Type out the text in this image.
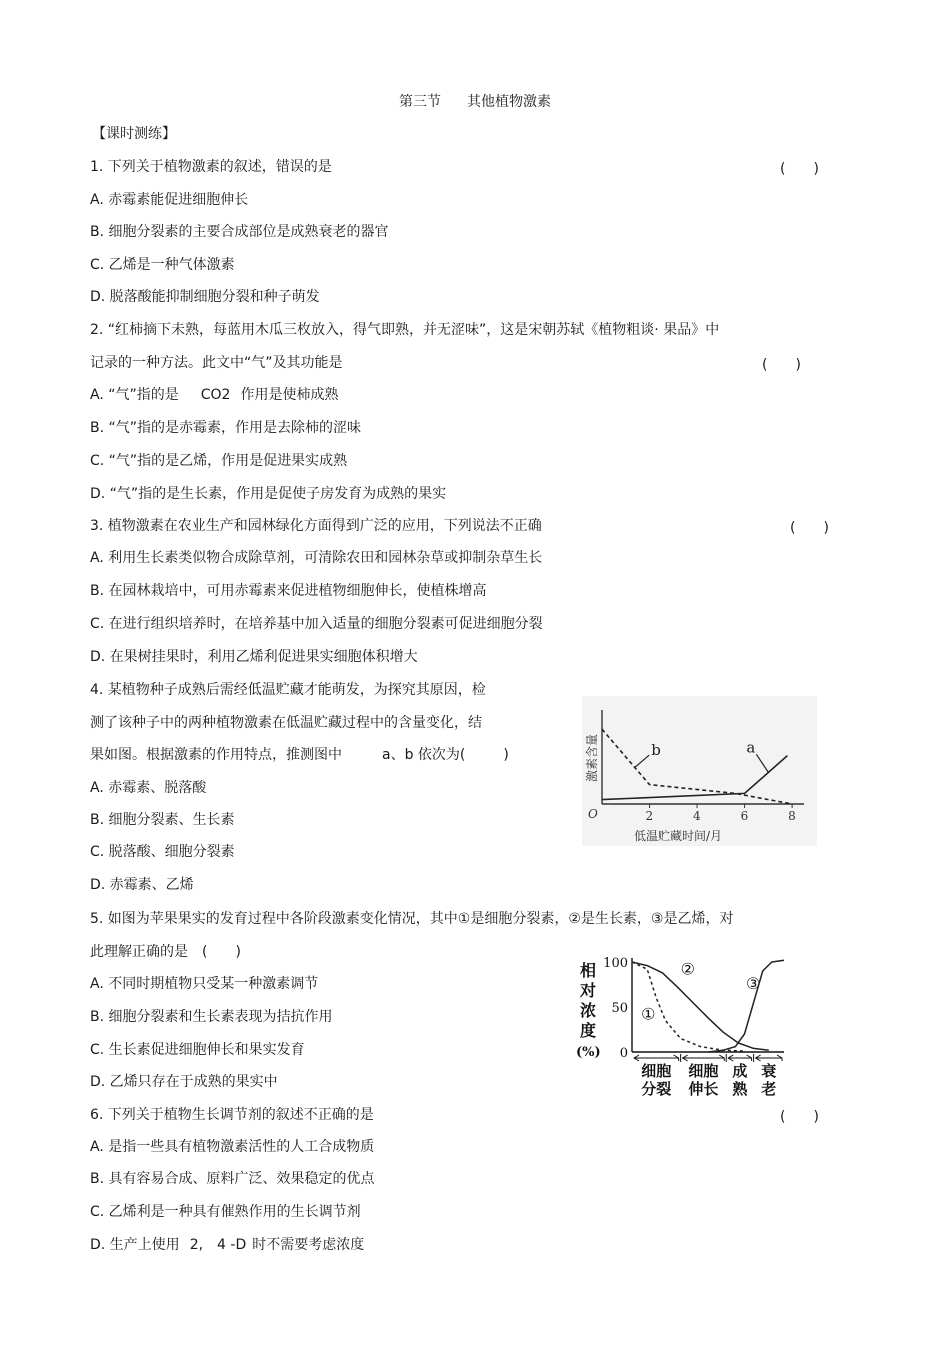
第三节 其他植物激素
【课时测练】
1. 下列关于植物激素的叙述，错误的是	(　　)
A. 赤霉素能促进细胞伸长
B. 细胞分裂素的主要合成部位是成熟衰老的器官
C. 乙烯是一种气体激素
D. 脱落酸能抑制细胞分裂和种子萌发
2. “红柿摘下未熟，每蓝用木瓜三枚放入，得气即熟，并无涩味”，这是宋朝苏轼《植物粗谈· 果品》中
记录的一种方法。此文中“气”及其功能是	(　　)
A. “气”指的是 CO2 作用是使柿成熟
B. “气”指的是赤霉素，作用是去除柿的涩味
C. “气”指的是乙烯，作用是促进果实成熟
D. “气”指的是生长素，作用是促使子房发育为成熟的果实
3. 植物激素在农业生产和园林绿化方面得到广泛的应用，下列说法不正确	(　　)
A. 利用生长素类似物合成除草剂，可清除农田和园林杂草或抑制杂草生长
B. 在园林栽培中，可用赤霉素来促进植物细胞伸长，使植株增高
C. 在进行组织培养时，在培养基中加入适量的细胞分裂素可促进细胞分裂
D. 在果树挂果时，利用乙烯利促进果实细胞体积增大
4. 某植物种子成熟后需经低温贮藏才能萌发，为探究其原因，检
测了该种子中的两种植物激素在低温贮藏过程中的含量变化，结
果如图。根据激素的作用特点，推测图中	a、b 依次为(	)
A. 赤霉素、脱落酸
B. 细胞分裂素、生长素
C. 脱落酸、细胞分裂素
D. 赤霉素、乙烯
2	4	6	8
a
b
激素含量
低温贮藏时间/月
O
5. 如图为苹果果实的发育过程中各阶段激素变化情况，其中①是细胞分裂素，②是生长素，③是乙烯，对
此理解正确的是 (　　)
A. 不同时期植物只受某一种激素调节
B. 细胞分裂素和生长素表现为拮抗作用
C. 生长素促进细胞伸长和果实发育
D. 乙烯只存在于成熟的果实中
相
对
浓
度
(%)
100
50
0
细胞
分裂
细胞
伸长
成
熟
衰
老
①
②
③
6. 下列关于植物生长调节剂的叙述不正确的是	(　　)
A. 是指一些具有植物激素活性的人工合成物质
B. 具有容易合成、原料广泛、效果稳定的优点
C. 乙烯利是一种具有催熟作用的生长调节剂
D. 生产上使用 2,　4 -D 时不需要考虑浓度
